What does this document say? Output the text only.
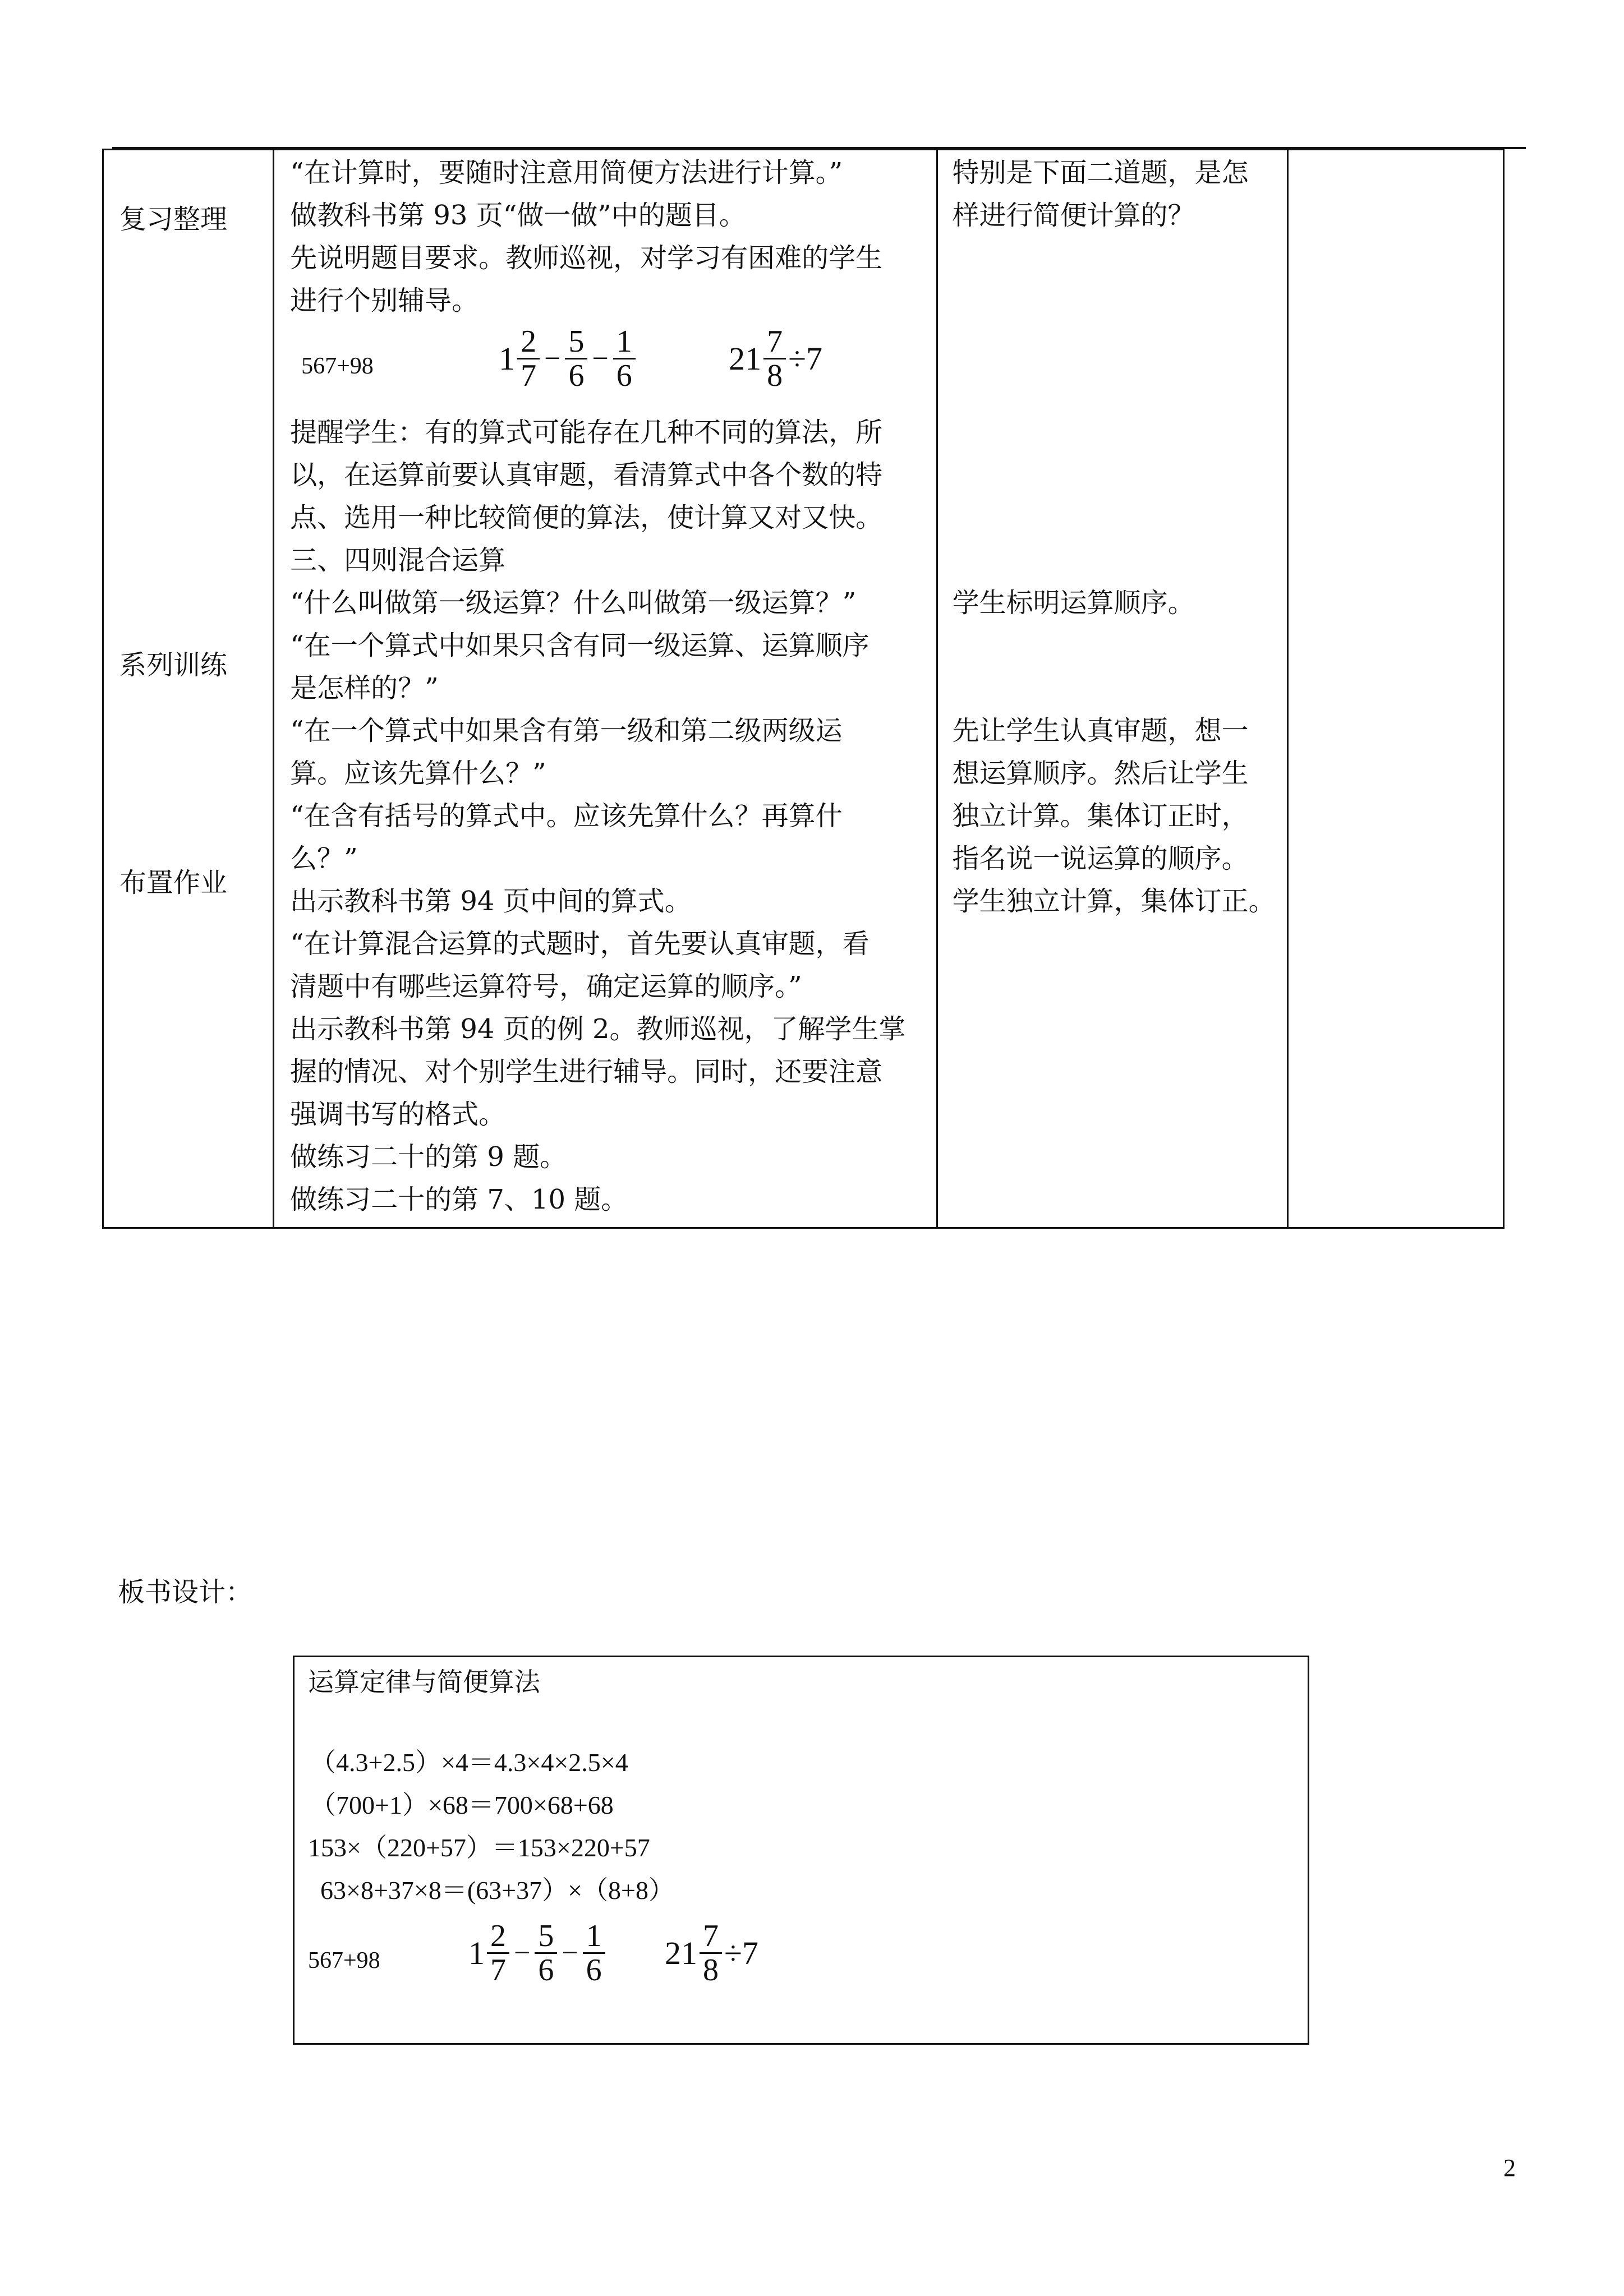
复习整理
系列训练
布置作业

“在计算时，要随时注意用简便方法进行计算。”
做教科书第 93 页“做一做”中的题目。
先说明题目要求。教师巡视，对学习有困难的学生
进行个别辅导。
567+98	$1 \frac{2}{7} - \frac{5}{6} - \frac{1}{6}$	$21 \frac{7}{8} \div 7$
提醒学生：有的算式可能存在几种不同的算法，所
以，在运算前要认真审题，看清算式中各个数的特
点、选用一种比较简便的算法，使计算又对又快。
三、四则混合运算
“什么叫做第一级运算？什么叫做第一级运算？”
“在一个算式中如果只含有同一级运算、运算顺序
是怎样的？”
“在一个算式中如果含有第一级和第二级两级运
算。应该先算什么？”
“在含有括号的算式中。应该先算什么？再算什
么？”
出示教科书第 94 页中间的算式。
“在计算混合运算的式题时，首先要认真审题，看
清题中有哪些运算符号，确定运算的顺序。”
出示教科书第 94 页的例 2。教师巡视，了解学生掌
握的情况、对个别学生进行辅导。同时，还要注意
强调书写的格式。
做练习二十的第 9 题。
做练习二十的第 7、10 题。

特别是下面二道题，是怎
样进行简便计算的？
学生标明运算顺序。
先让学生认真审题，想一
想运算顺序。然后让学生
独立计算。集体订正时，
指名说一说运算的顺序。
学生独立计算，集体订正。

板书设计：
运算定律与简便算法
（4.3+2.5）×4＝4.3×4×2.5×4
（700+1）×68＝700×68+68
153×（220+57）＝153×220+57
63×8+37×8＝(63+37）×（8+8）
567+98	$1 \frac{2}{7} - \frac{5}{6} - \frac{1}{6} 21 \frac{7}{8} \div 7$
2
